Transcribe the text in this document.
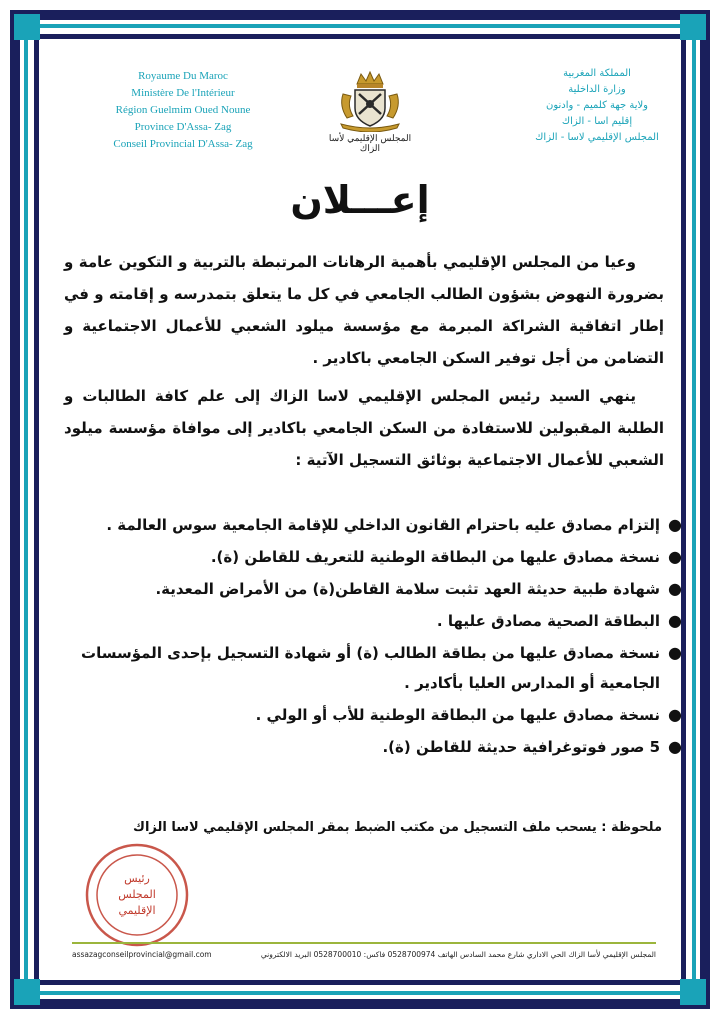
Royaume Du Maroc
Ministère De l'Intérieur
Région Guelmim Oued Noune
Province D'Assa- Zag
Conseil Provincial D'Assa- Zag	المجلس الإقليمي لأسا الزاك
المملكة المغربية
وزارة الداخلية
ولاية جهة كلميم - وادنون
إقليم اسا - الزاك
المجلس الإقليمي لاسا - الزاك
إعـــلان

وعيا من المجلس الإقليمي بأهمية الرهانات المرتبطة بالتربية و التكوين عامة و بضرورة النهوض بشؤون الطالب الجامعي في كل ما يتعلق بتمدرسه و إقامته و في إطار اتفاقية الشراكة المبرمة مع مؤسسة ميلود الشعبي للأعمال الاجتماعية و التضامن من أجل توفير السكن الجامعي باكادير .

ينهي السيد رئيس المجلس الإقليمي لاسا الزاك إلى علم كافة الطالبات و الطلبة المقبولين للاستفادة من السكن الجامعي باكادير إلى موافاة مؤسسة ميلود الشعبي للأعمال الاجتماعية بوثائق التسجيل الآتية :

●
إلتزام مصادق عليه باحترام القانون الداخلي للإقامة الجامعية سوس العالمة .
●
نسخة مصادق عليها من البطاقة الوطنية للتعريف للقاطن (ة).
●
شهادة طبية حديثة العهد تثبت سلامة القاطن(ة) من الأمراض المعدية.
●
البطاقة الصحية مصادق عليها .
●
نسخة مصادق عليها من بطاقة الطالب (ة) أو شهادة التسجيل بإحدى المؤسسات الجامعية أو المدارس العليا بأكادير .
●
نسخة مصادق عليها من البطاقة الوطنية للأب أو الولي .
●
5 صور فوتوغرافية حديثة للقاطن (ة).
ملحوظة : يسحب ملف التسجيل من مكتب الضبط بمقر المجلس الإقليمي لاسا الزاك
رئيس
المجلس
الإقليمي
assazagconseilprovincial@gmail.com	المجلس الإقليمي لأسا الزاك الحي الاداري شارع محمد السادس الهاتف 0528700974 فاكس: 0528700010 البريد الالكتروني
